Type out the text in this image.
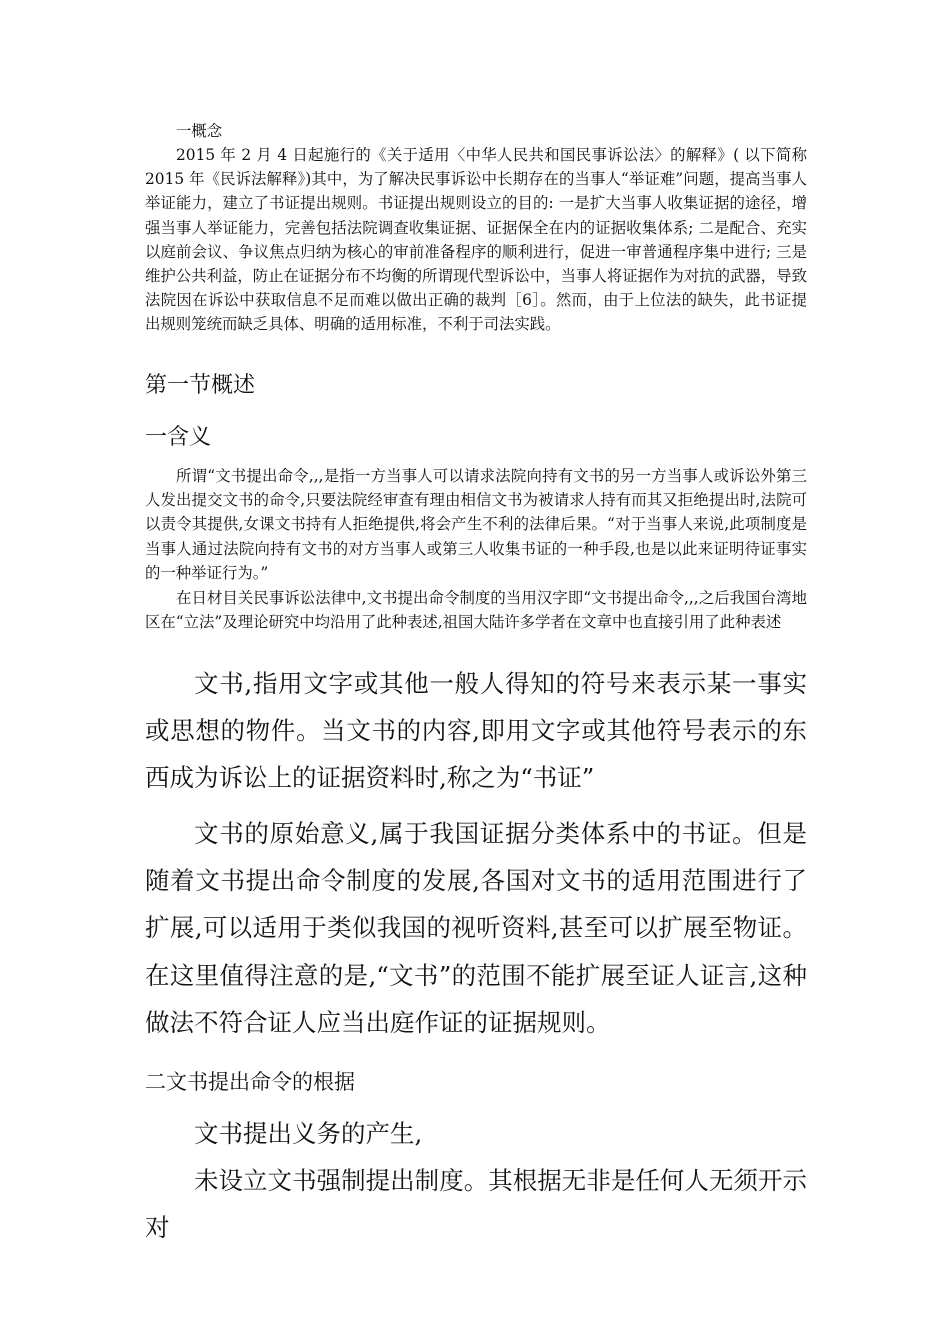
一概念

2015 年 2 月 4 日起施行的《关于适用〈中华人民共和国民事诉讼法〉的解释》( 以下简称 2015 年《民诉法解释》)其中，为了解决民事诉讼中长期存在的当事人“举证难”问题，提高当事人举证能力，建立了书证提出规则。书证提出规则设立的目的: 一是扩大当事人收集证据的途径，增强当事人举证能力，完善包括法院调查收集证据、证据保全在内的证据收集体系; 二是配合、充实以庭前会议、争议焦点归纳为核心的审前准备程序的顺利进行，促进一审普通程序集中进行; 三是维护公共利益，防止在证据分布不均衡的所谓现代型诉讼中，当事人将证据作为对抗的武器，导致法院因在诉讼中获取信息不足而难以做出正确的裁判［6］。然而，由于上位法的缺失，此书证提出规则笼统而缺乏具体、明确的适用标准，不利于司法实践。

第一节概述
一含义

所谓“文书提出命令,,,是指一方当事人可以请求法院向持有文书的另一方当事人或诉讼外第三人发出提交文书的命令,只要法院经审查有理由相信文书为被请求人持有而其又拒绝提出时,法院可以责令其提供,女课文书持有人拒绝提供,将会产生不利的法律后果。“对于当事人来说,此项制度是当事人通过法院向持有文书的对方当事人或第三人收集书证的一种手段,也是以此来证明待证事实的一种举证行为。”

在日材目关民事诉讼法律中,文书提出命令制度的当用汉字即“文书提出命令,,,之后我国台湾地区在“立法”及理论研究中均沿用了此种表述,祖国大陆许多学者在文章中也直接引用了此种表述

文书,指用文字或其他一般人得知的符号来表示某一事实或思想的物件。当文书的内容,即用文字或其他符号表示的东西成为诉讼上的证据资料时,称之为“书证”

文书的原始意义,属于我国证据分类体系中的书证。但是随着文书提出命令制度的发展,各国对文书的适用范围进行了扩展,可以适用于类似我国的视听资料,甚至可以扩展至物证。在这里值得注意的是,“文书”的范围不能扩展至证人证言,这种做法不符合证人应当出庭作证的证据规则。

二文书提出命令的根据

文书提出义务的产生,

未设立文书强制提出制度。其根据无非是任何人无须开示对
